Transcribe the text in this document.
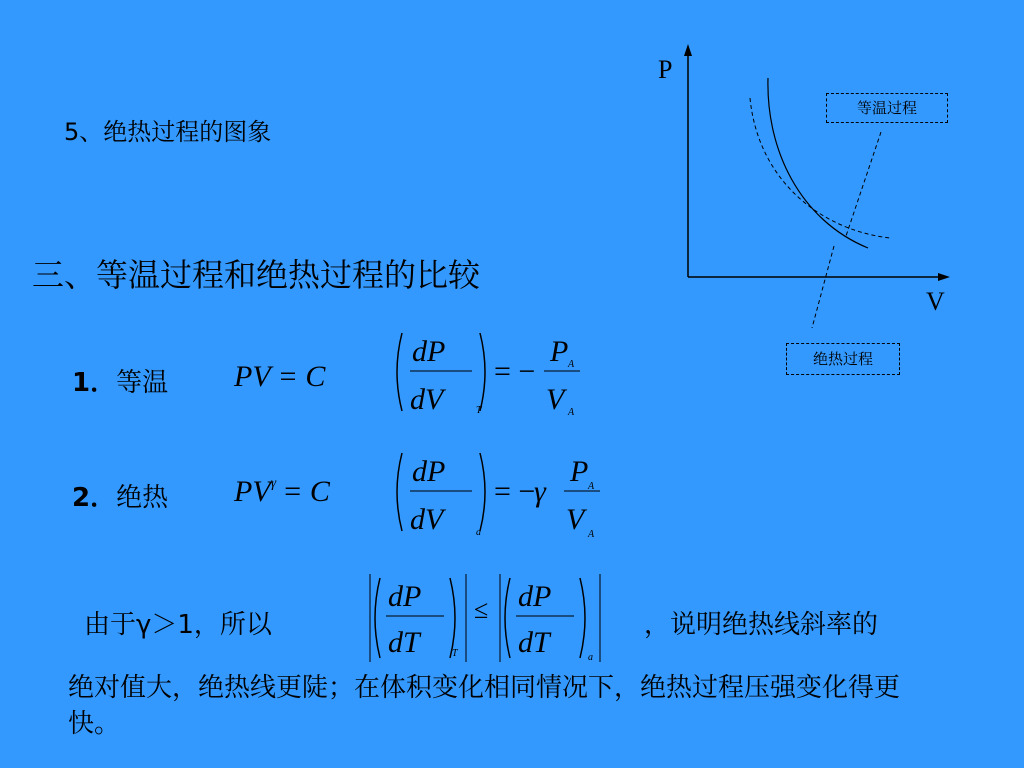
5、绝热过程的图象
三、等温过程和绝热过程的比较
1．等温
2．绝热
PV = C
$PV^\gamma = C$
dP
dV	T
= −
P A
V A
dP
dV	a
= −
γ
P A
V A
由于γ＞1，所以
dP
dT	T
≤ dP
dT	a
，说明绝热线斜率的
绝对值大，绝热线更陡；在体积变化相同情况下，绝热过程压强变化得更快。
P
V
等温过程
绝热过程
